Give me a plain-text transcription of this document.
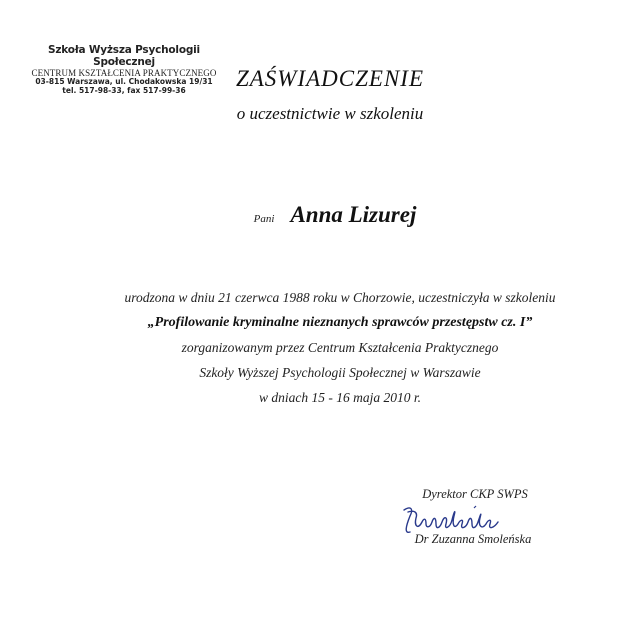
Szkoła Wyższa Psychologii Społecznej
CENTRUM KSZTAŁCENIA PRAKTYCZNEGO
03-815 Warszawa, ul. Chodakowska 19/31
tel. 517-98-33, fax 517-99-36	ZAŚWIADCZENIE
o uczestnictwie w szkoleniu
Pani Anna Lizurej
urodzona w dniu 21 czerwca 1988 roku w Chorzowie, uczestniczyła w szkoleniu
„Profilowanie kryminalne nieznanych sprawców przestępstw cz. I”
zorganizowanym przez Centrum Kształcenia Praktycznego
Szkoły Wyższej Psychologii Społecznej w Warszawie
w dniach 15 - 16 maja 2010 r.
Dyrektor CKP SWPS
Dr Zuzanna Smoleńska
